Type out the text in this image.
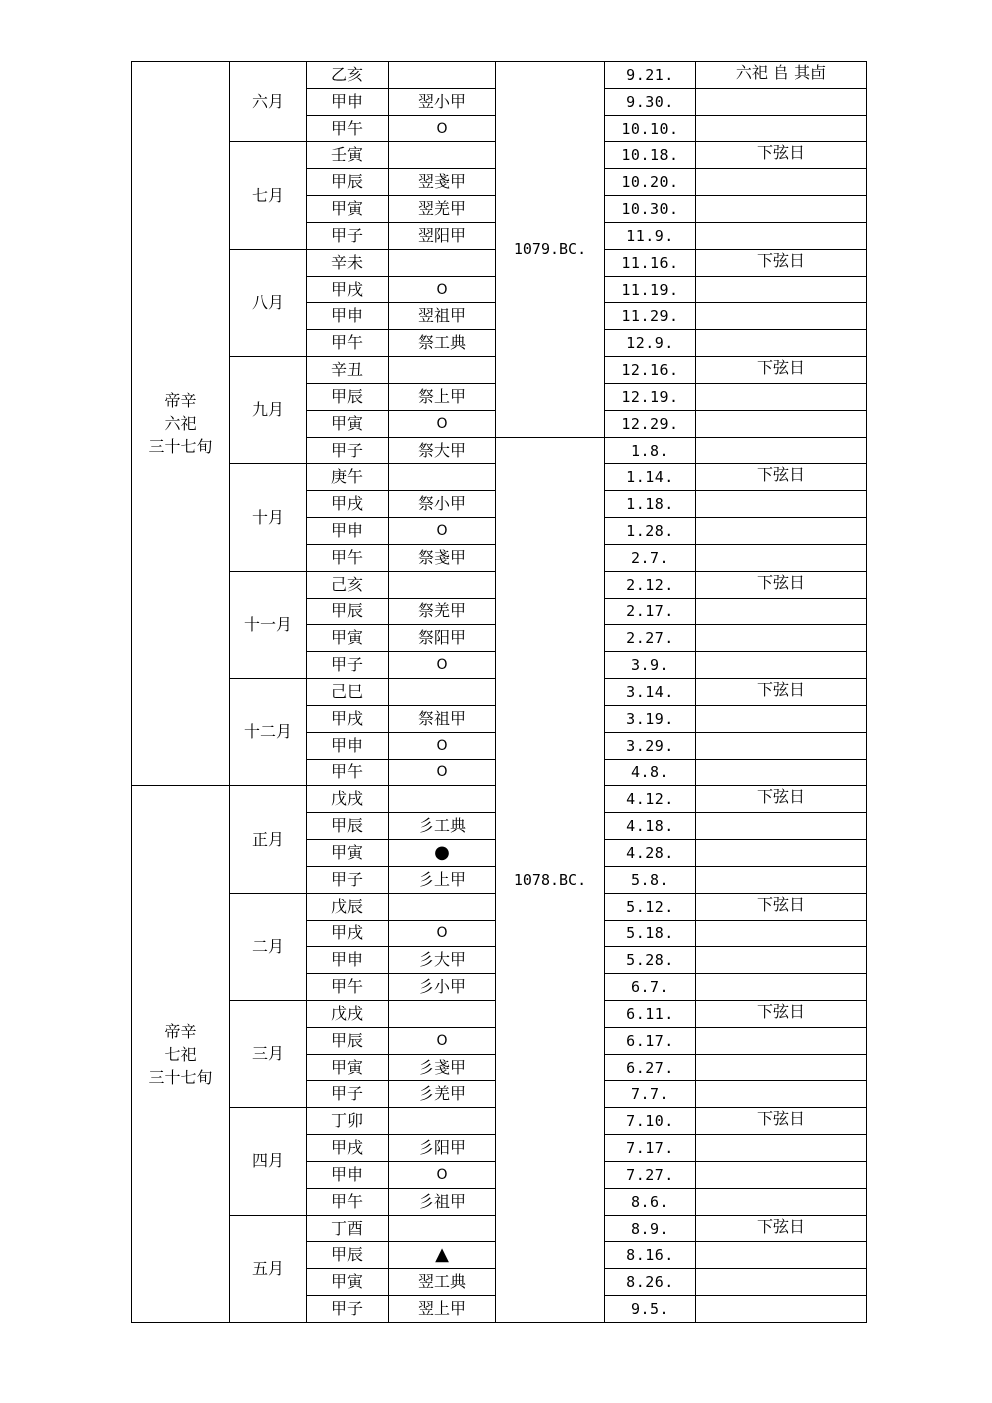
帝辛
六祀
三十七旬	六月	乙亥		1079.BC.	9.21.	六祀 𠂤 其卣
		甲申	翌小甲		9.30.	
		甲午	O		10.10.	
	七月	壬寅			10.18.	下弦日
		甲辰	翌戔甲		10.20.	
		甲寅	翌羌甲		10.30.	
		甲子	翌阳甲		11.9.	
	八月	辛未			11.16.	下弦日
		甲戌	O		11.19.	
		甲申	翌祖甲		11.29.	
		甲午	祭工典		12.9.	
	九月	辛丑			12.16.	下弦日
		甲辰	祭上甲		12.19.	
		甲寅	O		12.29.	
		甲子	祭大甲	1078.BC.	1.8.	
	十月	庚午			1.14.	下弦日
		甲戌	祭小甲		1.18.	
		甲申	O		1.28.	
		甲午	祭戔甲		2.7.	
	十一月	己亥			2.12.	下弦日
		甲辰	祭羌甲		2.17.	
		甲寅	祭阳甲		2.27.	
		甲子	O		3.9.	
	十二月	己巳			3.14.	下弦日
		甲戌	祭祖甲		3.19.	
		甲申	O		3.29.	
		甲午	O		4.8.	

帝辛
七祀
三十七旬	正月	戊戌			4.12.	下弦日
		甲辰	彡工典		4.18.	
		甲寅	●		4.28.	
		甲子	彡上甲		5.8.	
	二月	戊辰			5.12.	下弦日
		甲戌	O		5.18.	
		甲申	彡大甲		5.28.	
		甲午	彡小甲		6.7.	
	三月	戊戌			6.11.	下弦日
		甲辰	O		6.17.	
		甲寅	彡戔甲		6.27.	
		甲子	彡羌甲		7.7.	
	四月	丁卯			7.10.	下弦日
		甲戌	彡阳甲		7.17.	
		甲申	O		7.27.	
		甲午	彡祖甲		8.6.	
	五月	丁酉			8.9.	下弦日
		甲辰	▲		8.16.	
		甲寅	翌工典		8.26.	
		甲子	翌上甲		9.5.	
